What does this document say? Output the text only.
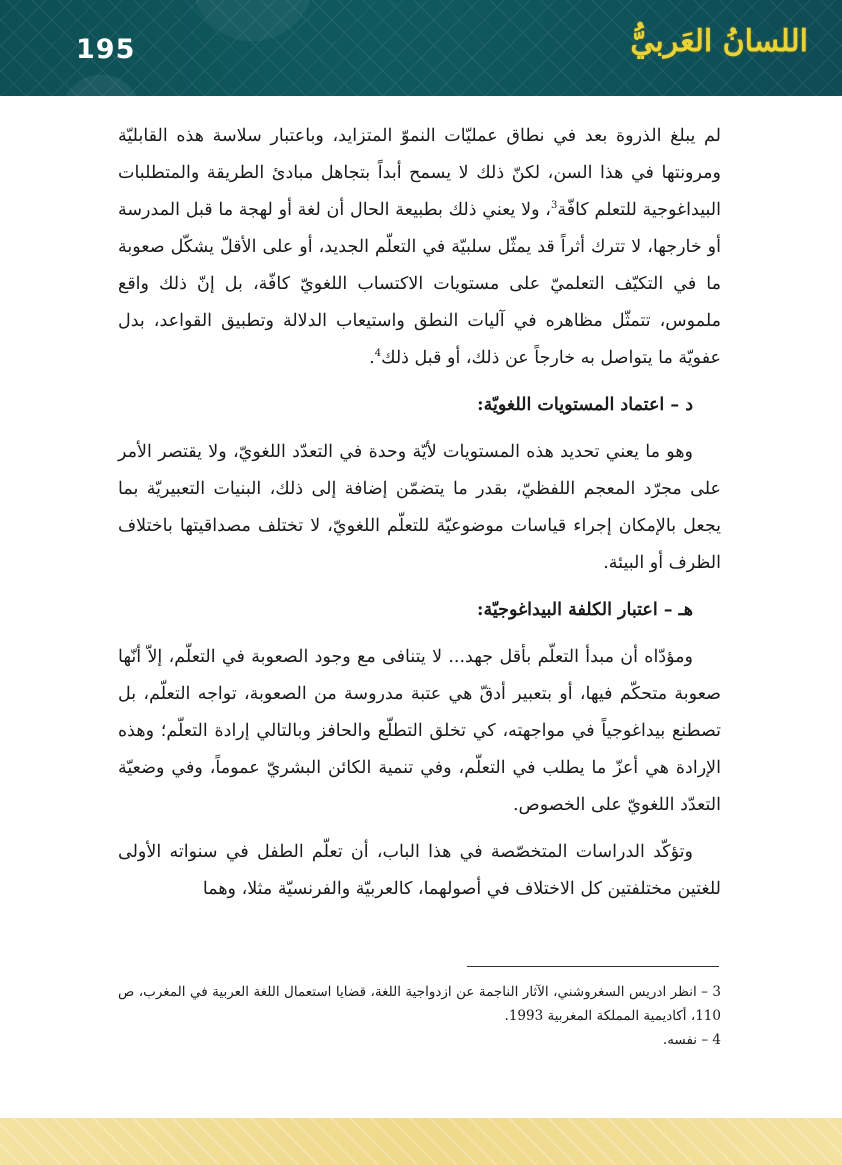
195	اللسانُ العَربيُّ

لم يبلغ الذروة بعد في نطاق عمليّات النموّ المتزايد، وباعتبار سلاسة هذه القابليّة ومرونتها في هذا السن، لكنّ ذلك لا يسمح أبداً بتجاهل مبادئ الطريقة والمتطلبات البيداغوجية للتعلم كافّة$^3$، ولا يعني ذلك بطبيعة الحال أن لغة أو لهجة ما قبل المدرسة أو خارجها، لا تترك أثراً قد يمثّل سلبيّة في التعلّم الجديد، أو على الأقلّ يشكّل صعوبة ما في التكيّف التعلميّ على مستويات الاكتساب اللغويّ كافّة، بل إنّ ذلك واقع ملموس، تتمثّل مظاهره في آليات النطق واستيعاب الدلالة وتطبيق القواعد، بدل عفويّة ما يتواصل به خارجاً عن ذلك، أو قبل ذلك$^4$.

د – اعتماد المستويات اللغويّة:

وهو ما يعني تحديد هذه المستويات لأيّة وحدة في التعدّد اللغويّ، ولا يقتصر الأمر على مجرّد المعجم اللفظيّ، بقدر ما يتضمّن إضافة إلى ذلك، البنيات التعبيريّة بما يجعل بالإمكان إجراء قياسات موضوعيّة للتعلّم اللغويّ، لا تختلف مصداقيتها باختلاف الظرف أو البيئة.

هـ – اعتبار الكلفة البيداغوجيّة:

ومؤدّاه أن مبدأ التعلّم بأقل جهد... لا يتنافى مع وجود الصعوبة في التعلّم، إلاّ أنّها صعوبة متحكّم فيها، أو بتعبير أدقّ هي عتبة مدروسة من الصعوبة، تواجه التعلّم، بل تصطنع بيداغوجياً في مواجهته، كي تخلق التطلّع والحافز وبالتالي إرادة التعلّم؛ وهذه الإرادة هي أعزّ ما يطلب في التعلّم، وفي تنمية الكائن البشريّ عموماً، وفي وضعيّة التعدّد اللغويّ على الخصوص.

وتؤكّد الدراسات المتخصّصة في هذا الباب، أن تعلّم الطفل في سنواته الأولى للغتين مختلفتين كل الاختلاف في أصولهما، كالعربيّة والفرنسيّة مثلا، وهما

3 – انظر ادريس السغروشني، الآثار الناجمة عن ازدواجية اللغة، قضايا استعمال اللغة العربية في المغرب، ص 110، أكاديمية المملكة المغربية 1993.

4 – نفسه.
